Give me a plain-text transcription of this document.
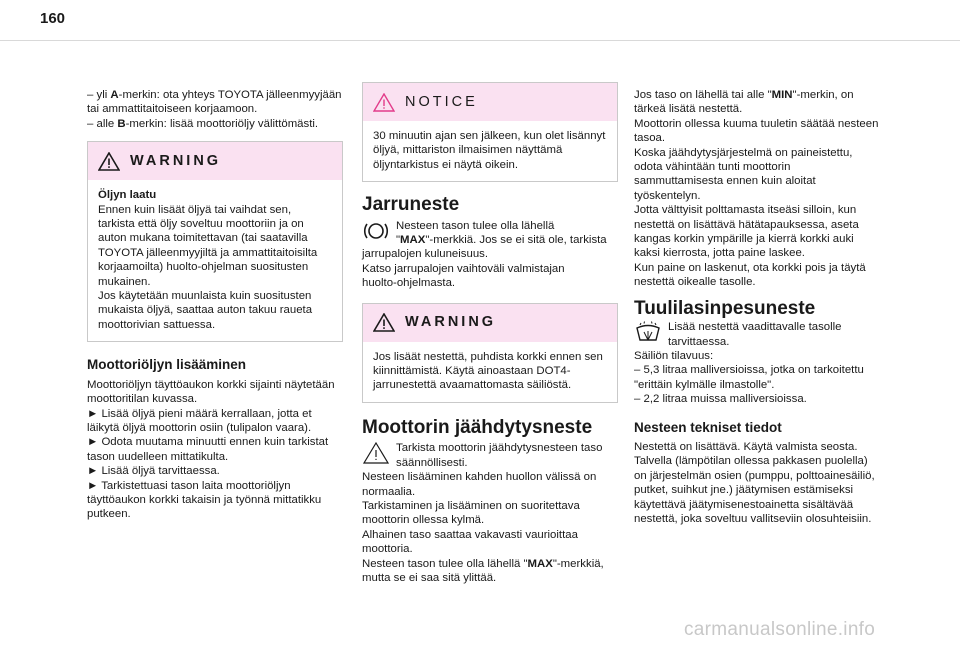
160

– yli A-merkin: ota yhteys TOYOTA jälleenmyyjään tai ammattitaitoiseen korjaamoon.

– alle B-merkin: lisää moottoriöljy välittömästi.

WARNING

Öljyn laatu

Ennen kuin lisäät öljyä tai vaihdat sen,

tarkista että öljy soveltuu moottoriin ja on

auton mukana toimitettavan (tai saatavilla

TOYOTA jälleenmyyjiltä ja ammattitaitoisilta

korjaamoilta) huolto-ohjelman suositusten

mukainen.

Jos käytetään muunlaista kuin suositusten

mukaista öljyä, saattaa auton takuu raueta

moottorivian sattuessa.

Moottoriöljyn lisääminen

Moottoriöljyn täyttöaukon korkki sijainti näytetään

moottoritilan kuvassa.

► Lisää öljyä pieni määrä kerrallaan, jotta et

läikytä öljyä moottorin osiin (tulipalon vaara).

► Odota muutama minuutti ennen kuin tarkistat

tason uudelleen mittatikulta.

► Lisää öljyä tarvittaessa.

► Tarkistettuasi tason laita moottoriöljyn

täyttöaukon korkki takaisin ja työnnä mittatikku

putkeen.

NOTICE

30 minuutin ajan sen jälkeen, kun olet lisännyt

öljyä, mittariston ilmaisimen näyttämä

öljyntarkistus ei näytä oikein.

Jarruneste

Nesteen tason tulee olla lähellä

"MAX"-merkkiä. Jos se ei sitä ole, tarkista

jarrupalojen kuluneisuus.

Katso jarrupalojen vaihtoväli valmistajan

huolto-ohjelmasta.

WARNING

Jos lisäät nestettä, puhdista korkki ennen sen

kiinnittämistä. Käytä ainoastaan DOT4-

jarrunestettä avaamattomasta säiliöstä.

Moottorin jäähdytysneste

Tarkista moottorin jäähdytysnesteen taso

säännöllisesti.

Nesteen lisääminen kahden huollon välissä on

normaalia.

Tarkistaminen ja lisääminen on suoritettava

moottorin ollessa kylmä.

Alhainen taso saattaa vakavasti vaurioittaa

moottoria.

Nesteen tason tulee olla lähellä "MAX"-merkkiä,

mutta se ei saa sitä ylittää.

Jos taso on lähellä tai alle "MIN"-merkin, on

tärkeä lisätä nestettä.

Moottorin ollessa kuuma tuuletin säätää nesteen

tasoa.

Koska jäähdytysjärjestelmä on paineistettu,

odota vähintään tunti moottorin

sammuttamisesta ennen kuin aloitat

työskentelyn.

Jotta välttyisit polttamasta itseäsi silloin, kun

nestettä on lisättävä hätätapauksessa, aseta

kangas korkin ympärille ja kierrä korkki auki

kaksi kierrosta, jotta paine laskee.

Kun paine on laskenut, ota korkki pois ja täytä

nestettä oikealle tasolle.

Tuulilasinpesuneste

Lisää nestettä vaadittavalle tasolle

tarvittaessa.

Säiliön tilavuus:

– 5,3 litraa malliversioissa, jotka on tarkoitettu

"erittäin kylmälle ilmastolle".

– 2,2 litraa muissa malliversioissa.

Nesteen tekniset tiedot

Nestettä on lisättävä. Käytä valmista seosta.

Talvella (lämpötilan ollessa pakkasen puolella)

on järjestelmän osien (pumppu, polttoainesäiliö,

putket, suihkut jne.) jäätymisen estämiseksi

käytettävä jäätymisenestoainetta sisältävää

nestettä, joka soveltuu vallitseviin olosuhteisiin.

carmanualsonline.info
